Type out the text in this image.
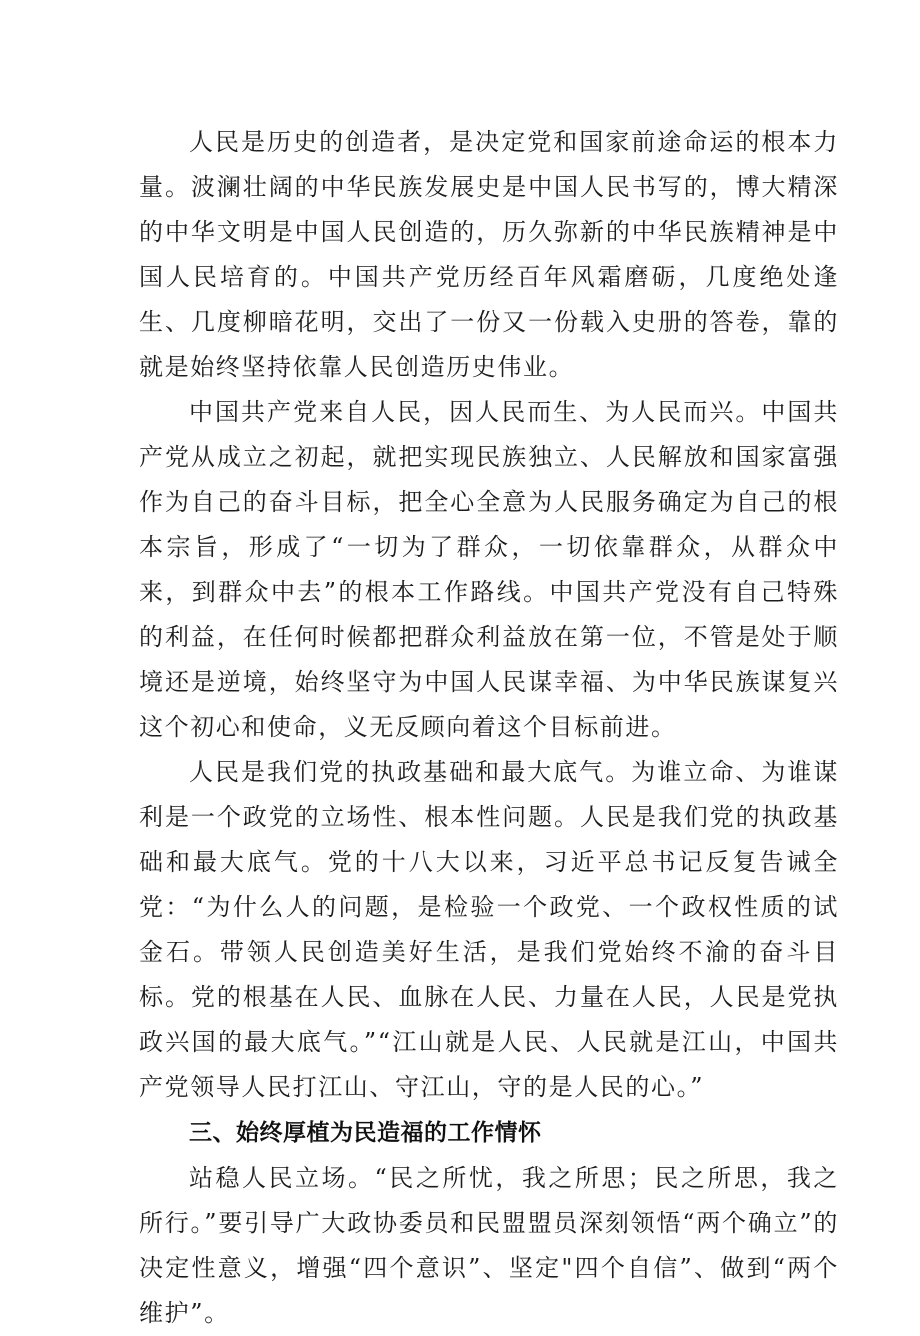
人民是历史的创造者，是决定党和国家前途命运的根本力量。波澜壮阔的中华民族发展史是中国人民书写的，博大精深的中华文明是中国人民创造的，历久弥新的中华民族精神是中国人民培育的。中国共产党历经百年风霜磨砺，几度绝处逢生、几度柳暗花明，交出了一份又一份载入史册的答卷，靠的就是始终坚持依靠人民创造历史伟业。

中国共产党来自人民，因人民而生、为人民而兴。中国共产党从成立之初起，就把实现民族独立、人民解放和国家富强作为自己的奋斗目标，把全心全意为人民服务确定为自己的根本宗旨，形成了“一切为了群众，一切依靠群众，从群众中来，到群众中去”的根本工作路线。中国共产党没有自己特殊的利益，在任何时候都把群众利益放在第一位，不管是处于顺境还是逆境，始终坚守为中国人民谋幸福、为中华民族谋复兴这个初心和使命，义无反顾向着这个目标前进。

人民是我们党的执政基础和最大底气。为谁立命、为谁谋利是一个政党的立场性、根本性问题。人民是我们党的执政基础和最大底气。党的十八大以来，习近平总书记反复告诫全党：“为什么人的问题，是检验一个政党、一个政权性质的试金石。带领人民创造美好生活，是我们党始终不渝的奋斗目标。党的根基在人民、血脉在人民、力量在人民，人民是党执政兴国的最大底气。”“江山就是人民、人民就是江山，中国共产党领导人民打江山、守江山，守的是人民的心。”

三、始终厚植为民造福的工作情怀

站稳人民立场。“民之所忧，我之所思；民之所思，我之所行。”要引导广大政协委员和民盟盟员深刻领悟“两个确立”的决定性意义，增强“四个意识”、坚定"四个自信”、做到“两个维护”。
